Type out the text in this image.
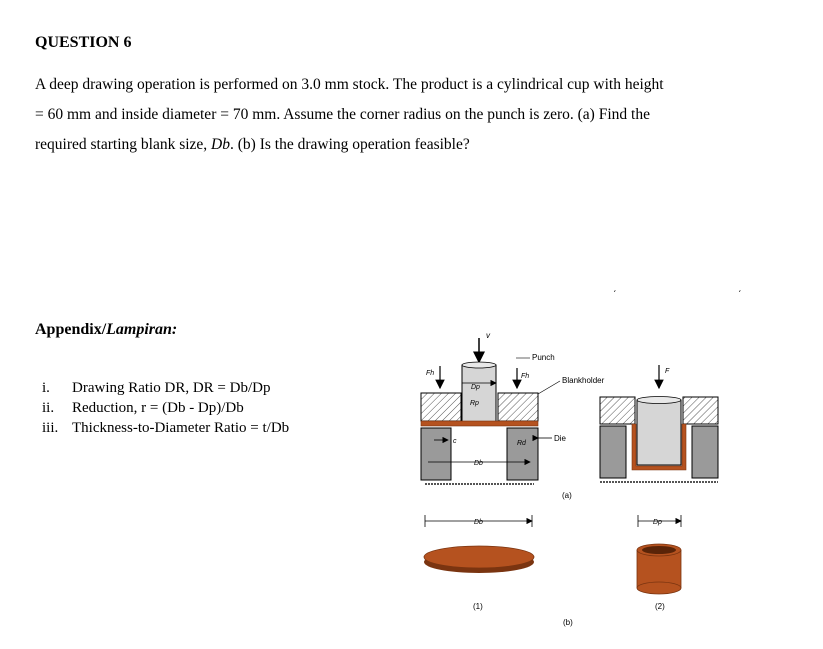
QUESTION 6
A deep drawing operation is performed on 3.0 mm stock. The product is a cylindrical cup with height
= 60 mm and inside diameter = 70 mm. Assume the corner radius on the punch is zero. (a) Find the
required starting blank size, Db. (b) Is the drawing operation feasible?
Appendix/Lampiran:
i.	Drawing Ratio DR, DR = Db/Dp
ii.	Reduction, r = (Db - Dp)/Db
iii. Thickness-to-Diameter Ratio = t/Db
ˊ	ˊ
v
Dp
Rp
Fh	Fh
c	Rd
Db
Punch
Blankholder
Die
(a)
F
Db	Dp
(1)	(2)
(b)
